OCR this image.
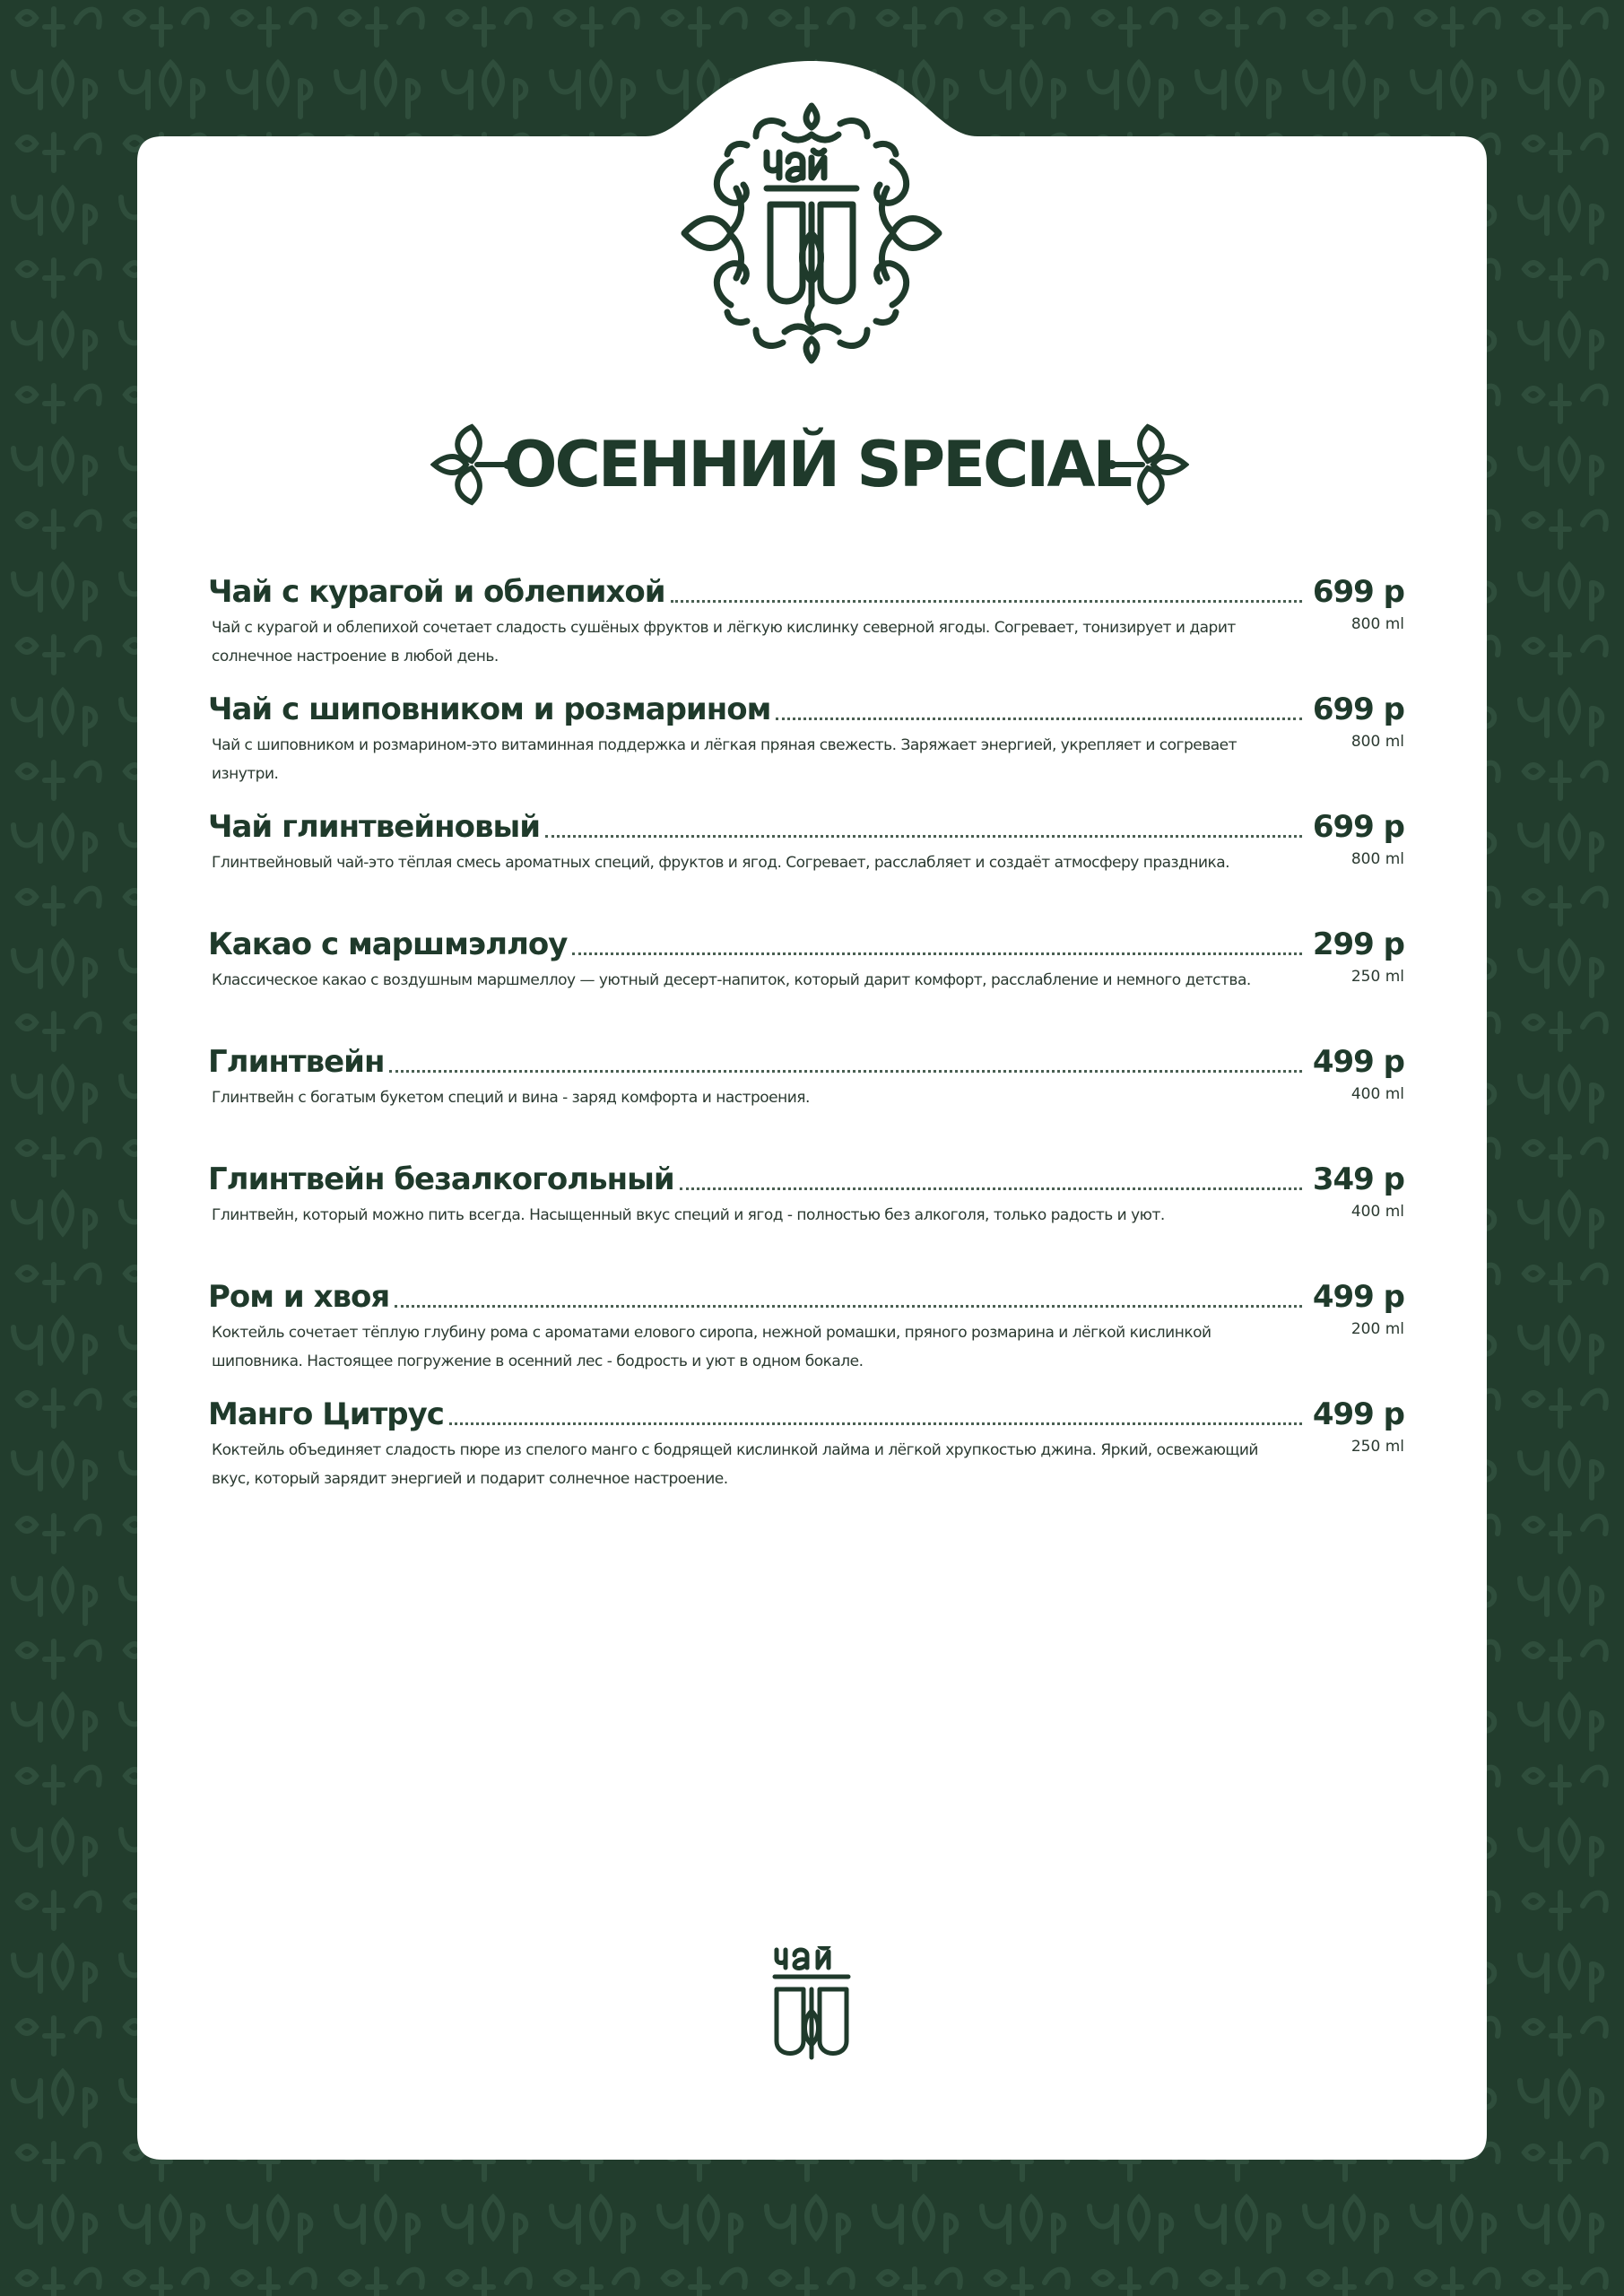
ОСЕННИЙ SPECIAL
Чай с курагой и облепихой	699 р
Чай с курагой и облепихой сочетает сладость сушёных фруктов и лёгкую кислинку северной ягоды. Согревает, тонизирует и дарит солнечное настроение в любой день.
800 ml
Чай с шиповником и розмарином	699 р
Чай с шиповником и розмарином-это витаминная поддержка и лёгкая пряная свежесть. Заряжает энергией, укрепляет и согревает изнутри.
800 ml
Чай глинтвейновый	699 р
Глинтвейновый чай-это тёплая смесь ароматных специй, фруктов и ягод. Согревает, расслабляет и создаёт атмосферу праздника.	800 ml
Какао с маршмэллоу	299 р
Классическое какао с воздушным маршмеллоу — уютный десерт-напиток, который дарит комфорт, расслабление и немного детства.	250 ml
Глинтвейн	499 р
Глинтвейн с богатым букетом специй и вина - заряд комфорта и настроения.	400 ml
Глинтвейн безалкогольный	349 р
Глинтвейн, который можно пить всегда. Насыщенный вкус специй и ягод - полностью без алкоголя, только радость и уют.	400 ml
Ром и хвоя	499 р
Коктейль сочетает тёплую глубину рома с ароматами елового сиропа, нежной ромашки, пряного розмарина и лёгкой кислинкой шиповника. Настоящее погружение в осенний лес - бодрость и уют в одном бокале.
200 ml
Манго Цитрус	499 р
Коктейль объединяет сладость пюре из спелого манго с бодрящей кислинкой лайма и лёгкой хрупкостью джина. Яркий, освежающий вкус, который зарядит энергией и подарит солнечное настроение.
250 ml
